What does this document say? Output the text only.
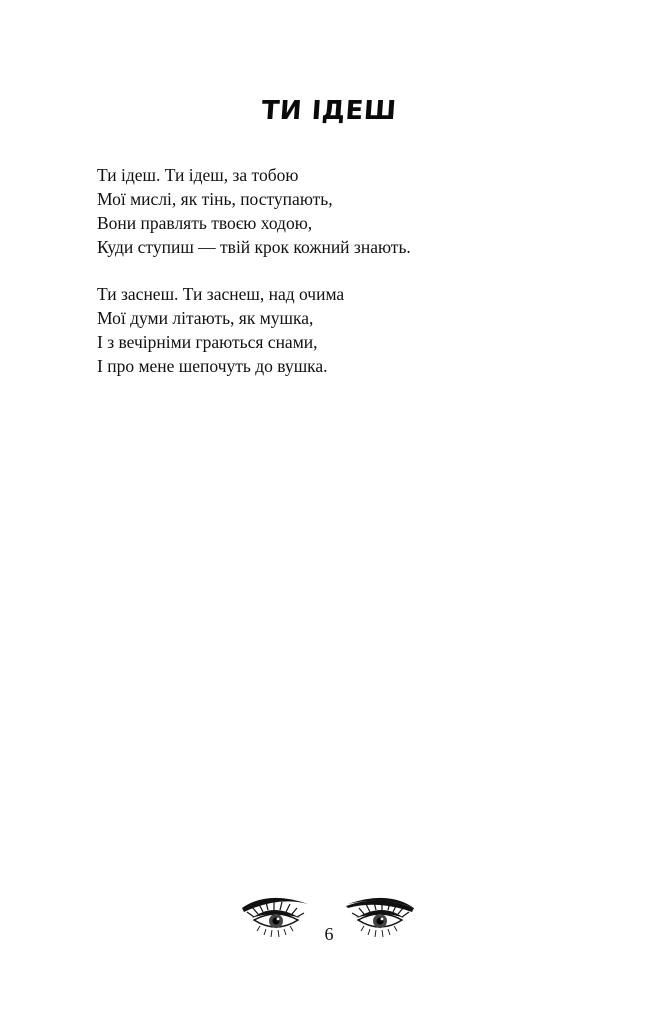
ТИ ІДЕШ
Ти ідеш. Ти ідеш, за тобою
Мої мислі, як тінь, поступають,
Вони правлять твоєю ходою,
Куди ступиш — твій крок кожний знають.
Ти заснеш. Ти заснеш, над очима
Мої думи літають, як мушка,
І з вечірніми граються снами,
І про мене шепочуть до вушка.
6
